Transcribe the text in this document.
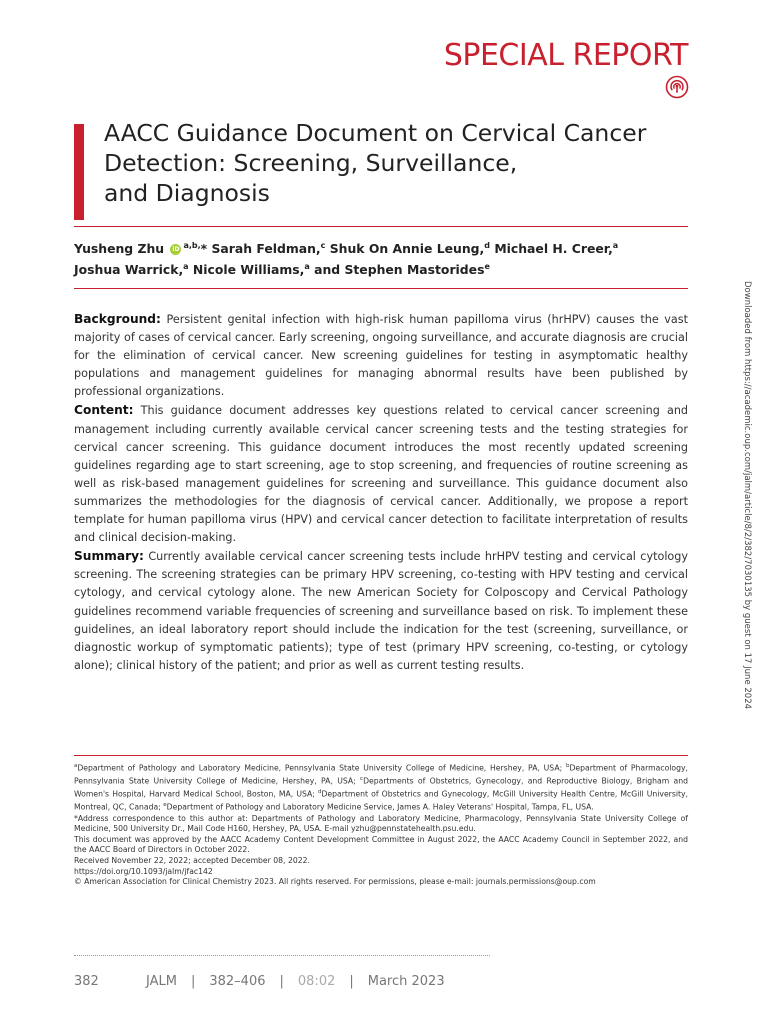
SPECIAL REPORT
AACC Guidance Document on Cervical Cancer
Detection: Screening, Surveillance,
and Diagnosis
Yusheng Zhu iD $^{a,b,}$* Sarah Feldman,$^c$ Shuk On Annie Leung,$^d$ Michael H. Creer,$^a$
Joshua Warrick,$^a$ Nicole Williams,$^a$ and Stephen Mastorides$^e$

Background: Persistent genital infection with high-risk human papilloma virus (hrHPV) causes the vast majority of cases of cervical cancer. Early screening, ongoing surveillance, and accurate diagnosis are crucial for the elimination of cervical cancer. New screening guidelines for testing in asymptomatic healthy populations and management guidelines for managing abnormal results have been published by professional organizations.

Content: This guidance document addresses key questions related to cervical cancer screening and management including currently available cervical cancer screening tests and the testing strategies for cervical cancer screening. This guidance document introduces the most recently updated screening guidelines regarding age to start screening, age to stop screening, and frequencies of routine screening as well as risk-based management guidelines for screening and surveillance. This guidance document also summarizes the methodologies for the diagnosis of cervical cancer. Additionally, we propose a report template for human papilloma virus (HPV) and cervical cancer detection to facilitate interpretation of results and clinical decision-making.

Summary: Currently available cervical cancer screening tests include hrHPV testing and cervical cytology screening. The screening strategies can be primary HPV screening, co-testing with HPV testing and cervical cytology, and cervical cytology alone. The new American Society for Colposcopy and Cervical Pathology guidelines recommend variable frequencies of screening and surveillance based on risk. To implement these guidelines, an ideal laboratory report should include the indication for the test (screening, surveillance, or diagnostic workup of symptomatic patients); type of test (primary HPV screening, co-testing, or cytology alone); clinical history of the patient; and prior as well as current testing results.	Downloaded from https://academic.oup.com/jalm/article/8/2/382/7030135 by guest on 17 June 2024

$^a$Department of Pathology and Laboratory Medicine, Pennsylvania State University College of Medicine, Hershey, PA, USA; $^b$Department of Pharmacology, Pennsylvania State University College of Medicine, Hershey, PA, USA; $^c$Departments of Obstetrics, Gynecology, and Reproductive Biology, Brigham and Women's Hospital, Harvard Medical School, Boston, MA, USA; $^d$Department of Obstetrics and Gynecology, McGill University Health Centre, McGill University, Montreal, QC, Canada; $^e$Department of Pathology and Laboratory Medicine Service, James A. Haley Veterans' Hospital, Tampa, FL, USA.

*Address correspondence to this author at: Departments of Pathology and Laboratory Medicine, Pharmacology, Pennsylvania State University College of Medicine, 500 University Dr., Mail Code H160, Hershey, PA, USA. E-mail yzhu@pennstatehealth.psu.edu.

This document was approved by the AACC Academy Content Development Committee in August 2022, the AACC Academy Council in September 2022, and the AACC Board of Directors in October 2022.

Received November 22, 2022; accepted December 08, 2022.

https://doi.org/10.1093/jalm/jfac142

© American Association for Clinical Chemistry 2023. All rights reserved. For permissions, please e-mail: journals.permissions@oup.com

382	JALM | 382–406 | 08:02 | March 2023
